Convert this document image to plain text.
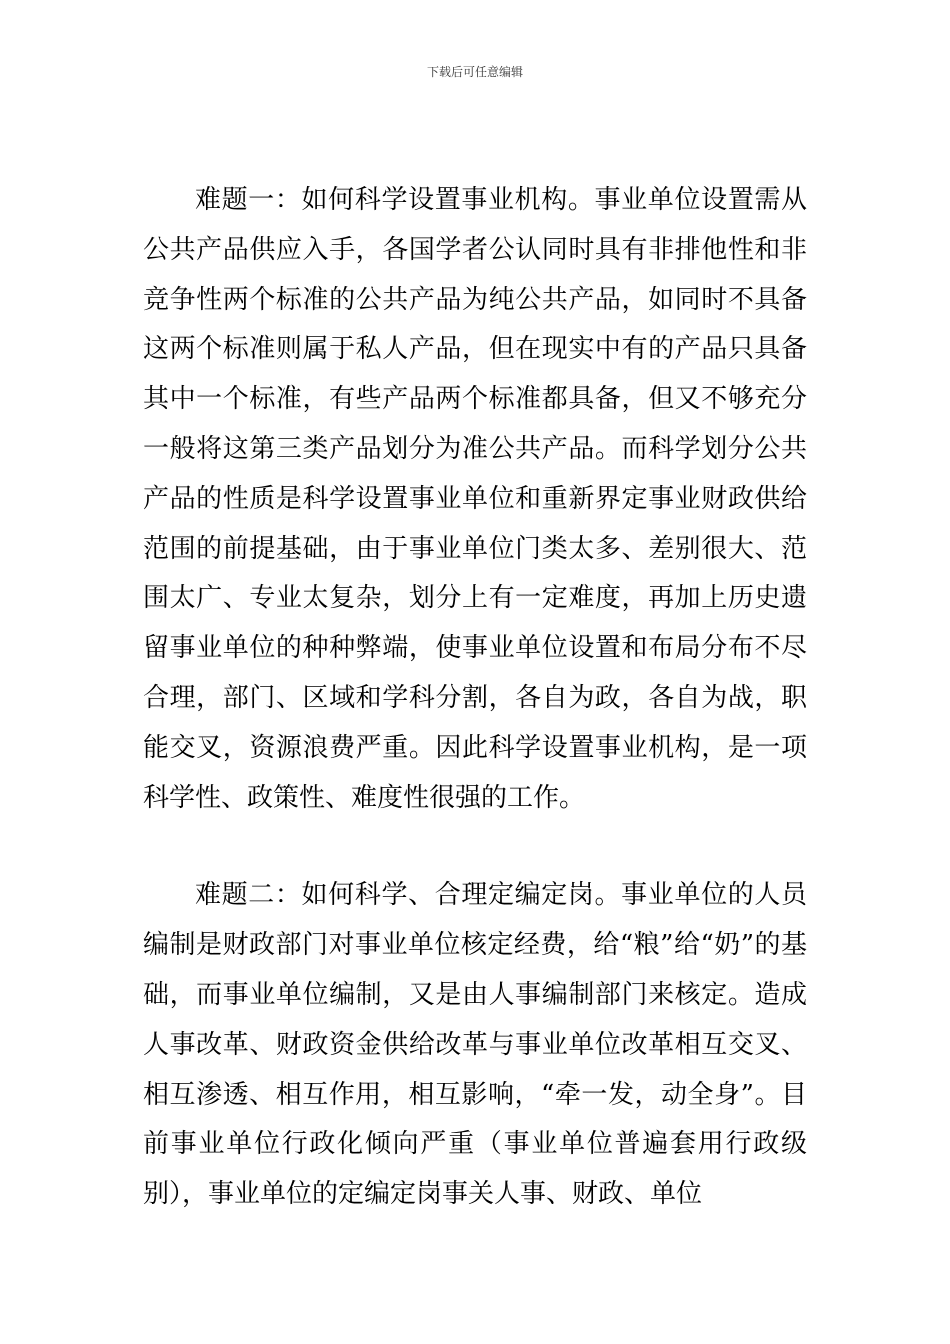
下载后可任意编辑

难题一：如何科学设置事业机构。事业单位设置需从公共产品供应入手，各国学者公认同时具有非排他性和非竞争性两个标准的公共产品为纯公共产品，如同时不具备这两个标准则属于私人产品，但在现实中有的产品只具备其中一个标准，有些产品两个标准都具备，但又不够充分一般将这第三类产品划分为准公共产品。而科学划分公共产品的性质是科学设置事业单位和重新界定事业财政供给范围的前提基础，由于事业单位门类太多、差别很大、范围太广、专业太复杂，划分上有一定难度，再加上历史遗留事业单位的种种弊端，使事业单位设置和布局分布不尽合理，部门、区域和学科分割，各自为政，各自为战，职能交叉，资源浪费严重。因此科学设置事业机构，是一项科学性、政策性、难度性很强的工作。

难题二：如何科学、合理定编定岗。事业单位的人员编制是财政部门对事业单位核定经费，给“粮”给“奶”的基础，而事业单位编制，又是由人事编制部门来核定。造成人事改革、财政资金供给改革与事业单位改革相互交叉、相互渗透、相互作用，相互影响，“牵一发，动全身”。目前事业单位行政化倾向严重（事业单位普遍套用行政级别），事业单位的定编定岗事关人事、财政、单位
